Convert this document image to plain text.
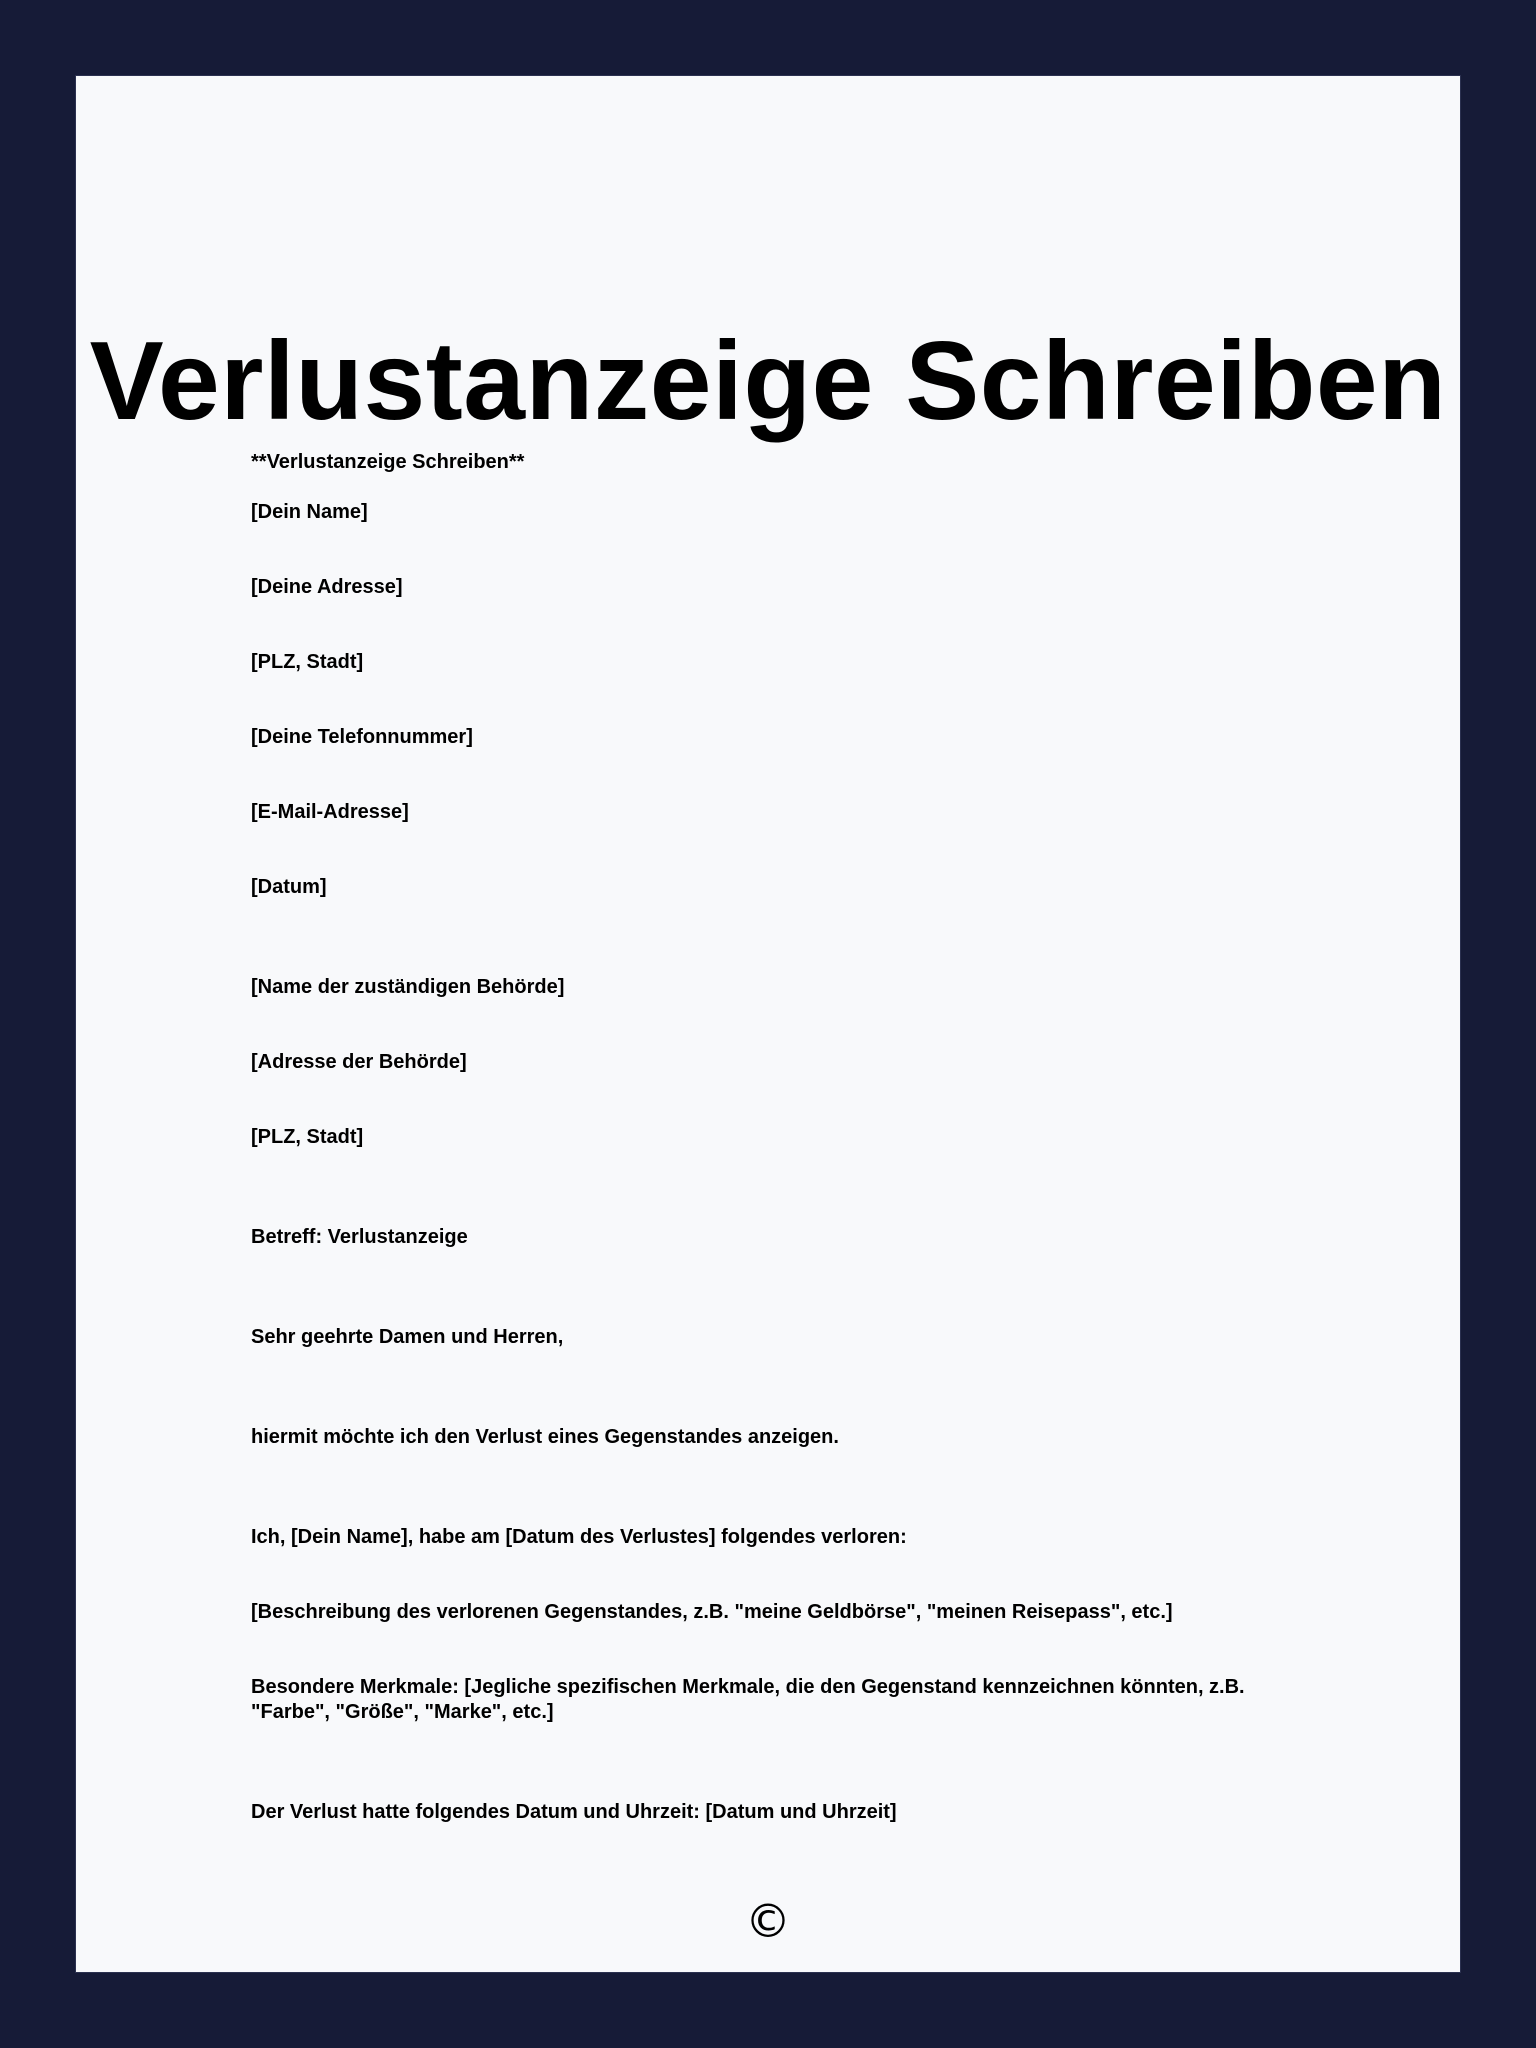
Verlustanzeige Schreiben

**Verlustanzeige Schreiben**

[Dein Name]

[Deine Adresse]

[PLZ, Stadt]

[Deine Telefonnummer]

[E-Mail-Adresse]

[Datum]

[Name der zuständigen Behörde]

[Adresse der Behörde]

[PLZ, Stadt]

Betreff: Verlustanzeige

Sehr geehrte Damen und Herren,

hiermit möchte ich den Verlust eines Gegenstandes anzeigen.

Ich, [Dein Name], habe am [Datum des Verlustes] folgendes verloren:

[Beschreibung des verlorenen Gegenstandes, z.B. "meine Geldbörse", "meinen Reisepass", etc.]

Besondere Merkmale: [Jegliche spezifischen Merkmale, die den Gegenstand kennzeichnen könnten, z.B. "Farbe", "Größe", "Marke", etc.]

Der Verlust hatte folgendes Datum und Uhrzeit: [Datum und Uhrzeit]

©
